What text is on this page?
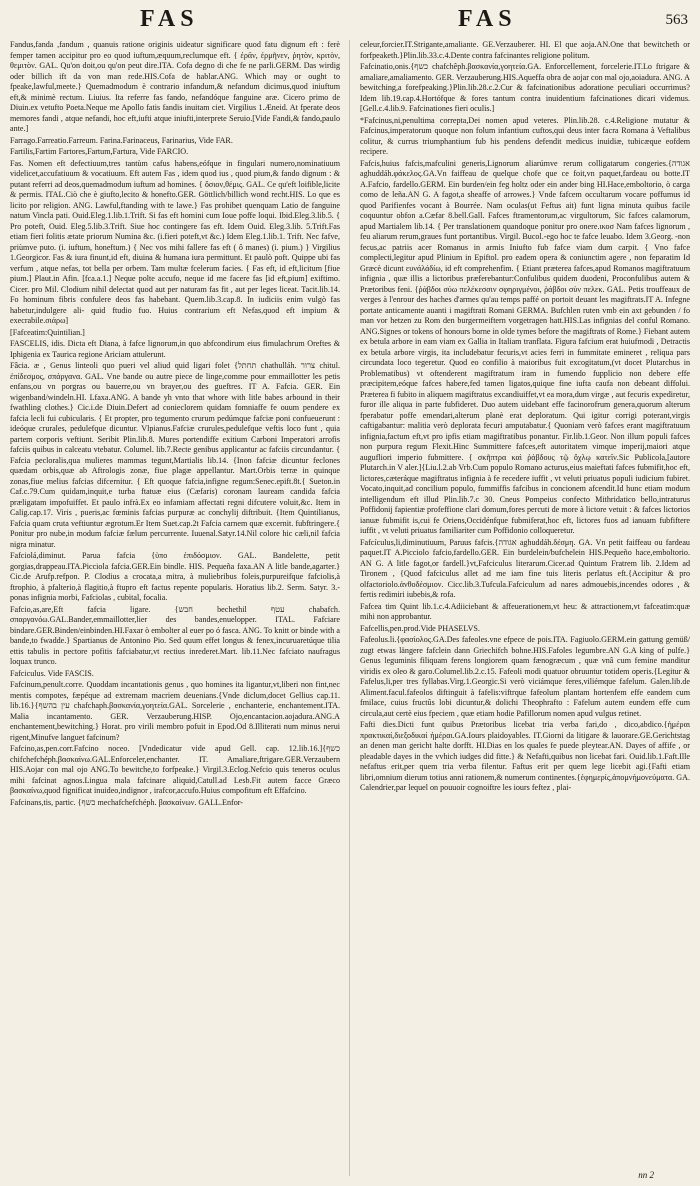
FAS	FAS	563

Fandus,fanda ,fandum , quanuis ratione originis uideatur significare quod fatu dignum eft : ferè femper tamen accipitur pro eo quod iuftum,æquum,reclumque eft. { ἐρᾶν, ἐρμῆνεν, ῥητὸν, κριτὸν, θεμιτὸν. GAL. Qu'on doit,ou qu'on peut dire.ITA. Cofa degno di che fe ne parli.GERM. Das wirdig oder billich ift da von man rede.HIS.Cofa de hablar.ANG. Which may or ought to fpeake,lawful,meete.} Quemadmodum è contrario infandum,& nefandum dicimus,quod iniuftum eft,& minimè rectum. Liuius. Ita referre fas fando, nefandóque fanguine aræ. Cicero primo de Diuin.ex vetufto Poeta.Neque me Apollo fatis fandis inuitam ciet. Virgilius 1.Æneid. At fperate deos memores fandi , atque nefandi, hoc eft,iufti atque iniufti,interprete Seruio.[Vide Fandi,& fando,paulo ante.]

Farrago.Farreatio.Farreum. Farina.Farinaceus, Farinarius, Vide FAR.

Fartilis,Fartim Fartores,Fartum,Fartura, Vide FARCIO.

Fas. Nomen eft defectiuum,tres tantùm cafus habens,eófque in fingulari numero,nominatiuum videlicet,accufatiuum & vocatiuum. Eft autem Fas , idem quod ius , quod pium,& fando dignum : & putant referri ad deos,quemadmodum iuftum ad homines. { ὅσιον,θέμις. GAL. Ce qu'eft loifible,licite & permis. ITAL.Ciò che è giufto,lecito & honefto.GER. Göttlich/billich wond recht.HIS. Lo que es licito por religion. ANG. Lawful,ftanding with te lawe.} Fas prohibet quenquam Latio de fanguine natum Vincla pati. Ouid.Eleg.1.lib.1.Trift. Si fas eft homini cum Ioue poffe loqui. Ibid.Eleg.3.lib.5. { Pro poteft, Ouid. Eleg.5.lib.3.Trift. Siue hoc contingere fas eft. Idem Ouid. Eleg.3.lib. 5.Trift.Fas etiam fieri folitis ætate priorum Numina &c. (i.fieri poteft,vt &c.) Idem Eleg.1.lib.1. Trift. Nec fafve, priùmve puto. (i. iuftum, honeftum.) { Nec vos mihi fallere fas eft ( ô manes) (i. pium.) } Virgilius 1.Georgicor. Fas & iura finunt,id eft, diuina & humana iura permittunt. Et paulò poft. Quippe ubi fas verfum , atque nefas, tot bella per orbem. Tam multæ fcelerum facies. { Fas eft, id eft,licitum [fiue pium.] Plaut.in Afin. [fca.a.1.] Neque polte accufo, neque id me facere fas [id eft,pium] exiftimo. Cicer. pro Mil. Clodium nihil delectat quod aut per naturam fas fit , aut per leges liceat. Tacit.lib.14. Fo hominum fibris confulere deos fas habebant. Quem.lib.3.cap.8. In iudiciis enim vulgò fas habetur,indulgere ali- quid ftudio fuo. Huius contrarium eft Nefas,quod eft impium & execrabile.σιάρω]

[Fafceatim:Quintilian.]

FASCELIS, idis. Dicta eft Diana, à fafce lignorum,in quo abfcondirum eius fimulachrum Oreftes & Iphigenia ex Taurica regione Ariciam attulerunt.

Fâcia. æ , Genus linteoli quo pueri vel aliud quid ligari folet {תחתל chathulláh. צרור chitul. ἐπίδεσμος, σπάργανα. GAL. Vne bande ou autre piece de linge,comme pour emmaillotter les petis enfans,ou vn porgras ou bauerre,ou vn brayer,ou des gueftres. IT A. Fafcia. GER. Ein wigenband/windeln.HI. Lfaxa.ANG. A bande yh vnto that whore with litle babes arbound in their fwathling clothes.} Cic.i.de Diuin.Defert ad conieclorem quidam fomniaffe fe ouum pendere ex fafcia lecli fui cubicularis. { Et propter, pro tegumento crurum pedúmque fafciæ poni confueuerunt : ideóque crurales, pedulefque dicuntur. Vlpianus.Fafciæ crurules,pedulefque veftis loco funt , quia partem corporis veftiunt. Seribit Plin.lib.8. Mures portendiffe exitium Carboni Imperatori arrofis fafciis quibus in calceatu vtebatur. Columel. lib.7.Recte genibus applicantur ac fafciis circundantur. { Fafcia pecloralis,qua mulieres mammas tegunt,Martialis lib.14. {Inon fafciæ dicuntur feclones quædam orbis,quæ ab Aftrologis zonæ, fiue plagæ appellantur. Mart.Orbis terræ in quinque zonas,fiue melius fafcias difcernitur. { Eft quoque fafcia,infigne regum:Senec.epift.8t.{ Sueton.in Caf.c.79.Cum quidam,inquit,e turba ftatuæ eius (Cæfaris) coronam lauream candida fafcia præligatam impofuiffet. Et paulo infrà.Ex eo infamiam affectati regni difcutere voluit,&c. Item in Calig.cap.17. Viris , pueris,ac fœminis fafcias purpuræ ac conchylij diftribuit. {Item Quintilianus, Fafcia quam cruta veftiuntur ægrotum.Er Item Suet.cap.2t Fafcia carnem quæ excernit. fubftringere.{ Ponitur pro nube,in modum fafciæ fælum percurrente. Iuuenal.Satyr.14.Nil colore hic cæli,nil fafcia nigra minatur.

Fafciolá,diminut. Parua fafcia {ὑπο ἐπιδόσμιον. GAL. Bandelette, petit gorgias,drappeau.ITA.Picciola fafcia.GER.Ein bindle. HIS. Pequeña faxa.AN A litle bande,agarter.} Cic.de Arufp.refpon. P. Clodius a crocata,a mitra, à muliebribus foleis,purpureifque fafciolis,à ftrophio, à pfalterio,à flagitio,à ftupro eft factus repente popularis. Horatius lib.2. Serm. Satyr. 3.-ponas infignia morbi, Fafciolas , cubital, focalia.

Fafcio,as,are,Eft fafcia ligare. {חבש bechethil עטף chabafch. σπαργανόω.GAL.Bander,emmaillotter,lier des bandes,enuelopper. ITAL. Fafciare bindare.GER.Binden/einbinden.HI.Faxar ò embolter al euer po ó fasca. ANG. To knitt or binde with a bande,to fwadde.} Spartianus de Antonino Pio. Sed quum effet longus & fenex,incuruaretúque tilia ettis tabulis in pectore pofitis fafciabatur,vt rectius inrederet.Mart. lib.11.Nec fafciato naufragus loquax trunco.

Fafciculus. Vide FASCIS.

Fafcinum,penult.corre. Quoddam incantationis genus , quo homines ita ligantur,vt,liberi non fint,nec mentis compotes, fæpéque ad extremam macriem deuenians.{Vnde diclum,docet Gellius cap.11. lib.16.}{עין בהשף chafchaph.βασκανία,γοητεία.GAL. Sorcelerie , enchanterie, enchantement.ITA. Malia incantamento. GER. Verzauberung.HISP. Ojo,encantacion.aojadura.ANG.A enchantement,bewitching.} Horat. pro virili membro pofuit in Epod.Od 8.Illiterati num minus nerui rigent,Minufve languet fafcinum?

Fafcino,as,pen.corr.Fafcino noceo. [Vndedicatur vide apud Gell. cap. 12.lib.16.]{כשף chifchefchéph.βασκαίνω.GAL.Enforceler,enchanter. IT. Amaliare,ftrigare.GER.Verzaubern HIS.Aojar con mal ojo ANG.To bewitche,to forfpeake.} Virgil.3.Eclog.Nefcio quis teneros oculus mihi fafcinat agnos.Lingua mala fafcinare aliquid,Catull.ad Lesb.Fit autem facce Græco βασκαίνω,quod fignificat inuideo,indignor , irafcor,accufo.Huius compofitum eft Effafcino.

Fafcinans,tis, partic. {כשף mechafchefchéph. βασκαίνων. GALL.Enfor-

celeur,forcier.IT.Strigante,amaliante. GE.Verzauberer. HI. El que aoja.AN.One that bewitcheth or forfpeaketh.}Plin.lib.33.c.4.Dente contra fafcinantes religione politum.

Fafcinatio,onis.{כשף chafchêph.βασκανία,γοητεία.GA. Enforcellement, forcelerie.IT.Lo ftrigare & amaliare,amaliamento. GER. Verzauberung.HIS.Aqueffa obra de aojar con mal ojo,aoiadura. ANG. A bewitching,a forefpeaking.}Plin.lib.28.c.2.Cur & fafcinationibus adoratione peculiari occurrimus?Idem lib.19.cap.4.Hortófque & fores tantum contra inuidentium fafcinationes dicari videmus.[Gell.c.4.lib.9. Fafcinationes fieri oculis.]

*Fafcinus,ni,penultima correpta,Dei nomen apud veteres. Plin.lib.28. c.4.Religione mutatur & Fafcinus,imperatorum quoque non folum infantium cuftos,qui deus inter facra Romana à Veftalibus colitur, & currus triumphantium fub his pendens defendit medicus inuidiæ, tubicæque eofdem recipere.

Fafcis,huius fafcis,mafculini generis,Lignorum aliarúmve rerum colligatarum congeries.{אגודה aghuddáh.φάκελος.GA.Vn faiffeau de quelque chofe que ce foit,vn paquet,fardeau ou botte.IT A.Fafcio, fardello.GERM. Ein burden/ein feg holtz oder ein ander bing HI.Hace,emboltorio, ò carga como de leña.AN G. A fagot,a sheaffe of arrowes.} Vnde fafcem occultarum vocare poffumus id quod Parifienfes vocant à Bourrée. Nam oculas(ut Feftus ait) funt ligna minuta quibus facile coquuntur obfon a.Cæfar 8.bell.Gall. Fafces ftramentorum,ac virgultorum, Sic fafces calamorum, apud Martialem lib.14. { Per translationem quandoque ponitur pro onere.ικοσ Nam fafces lignorum , feu aliarum rerum,graues funt portantibus. Virgil. Bucol.-ego hoc te fafce leuabo. Idem 3.Georg. -non fecus,ac patriis acer Romanus in armis Iniufto fub fafce viam dum carpit. { Vno fafce complecti,legitur apud Plinium in Epiftol. pro eadem opera & coniunctim agere , non feparatim Id Græcè dicunt ευνάλάδίω, id eft comprehenfim. { Etiant præterea fafces,apud Romanos magiftratuum infignia , quæ illis a lictoribus præferebantur:Confulibus quidem duodeni, Proconfulibus autem & Prætoribus feni. {ῥάβδοι σύω πελέκεσσιν σφηριγμένοι, ῥάβδοι σὺν πελεκ. GAL. Petis trouffeaux de verges à l'enrour des haches d'armes qu'au temps paffé on portoit deuant les magiftrats.IT A. Infegne portate anticamente auanti i magiftrati Romani GERMA. Bufchlen ruten vmb ein axt gebunden / fo man vor hetzen zu Rom den burgermeiftern vorgetragen hatt.HIS.Las infignias del conful Romano. ANG.Signes or tokens of honours borne in olde tymes before the magiftrats of Rome.} Fiebant autem ex betula arbore in eam viam ex Gallia in Italiam tranflata. Figura fafcium erat huiufmodi , Detractis ex betula arbore virgis, ita includebatur fecuris,vt acies ferri in fummitate emineret , reliqua pars circundata loco tegeretur. Quod eo confilio à maioribus fuit excogitatum,(vt docet Plutarchus in Problematibus) vt oftenderent magiftratum iram in fumendo fupplicio non debere effe præcipitem,eóque fafces habere,fed tamen ligatos,quique fine iufta caufa non debeant diffolui. Præterea fi fubito in aliquem magiftratus excandiuiffet,vt ea mora,dum virgæ , aut fecuris expediretur, furor ille aliqua in parte fubfideret. Duo autem uidebant effe facinorofrum genera,quorum alterum fperabatur poffe emendari,alterum planè erat deploratum. Qui igitur corrigi poterant,virgis caftigabantur: malitia verò deplorata fecuri amputabatur.{ Quoniam verò fafces erant magiftratuum infignia,factum eft,vt pro ipfis etiam magiftratibus ponantur. Fir.lib.1.Geor. Non illum populi fafces non purpura regum Flexit.Hinc Summittere fafces,eft autoritatem vimque imperij,maiori atque augufliori imperio fubmittere. { σκῆπτρα καὶ ῥάβδους τῷ ὄχλῳ κατεῖν.Sic Publicola,[autore Plutarch.in V aler.]{Liu.l.2.ab Vrb.Cum populo Romano acturus,eius maieftati fafces fubmifit,hoc eft, lictores,cæteráque magiftratus infignia à fe recedere iuffit , vt veluti priuatus populi iudicium fubiret. Vocato,inquit,ad concilium populo, fummiffis fafcibus in concionem afcendit.Id hunc etiam modum intelligendum eft illud Plin.lib.7.c 30. Cneus Pompeius confecto Mithridatico bello,intraturus Poffidonij fapientiæ profeffione clari domum,fores percuti de more à lictore vetuit : & fafces lictorios ianuæ fubmifit is,cui fe Oriens,Occidénfque fubmiferat,hoc eft, lictores fuos ad ianuam fubfiftere iuffit , vt veluti priuatus familiariter cum Poffidonio colloqueretur.

Fafcículus,li,diminutiuum, Paruus fafcis.{אגודה aghuddáh.δέσμη. GA. Vn petit faiffeau ou fardeau paquet.IT A.Picciolo fafcio,fardello.GER. Ein burdelein/bufchelein HIS.Pequeño hace,emboltorio. AN G. A litle fagot,or fardell.}vt,Fafciculus literarum.Cicer.ad Quintum Fratrem lib. 2.Idem ad Tironem , {Quod fafciculus allet ad me iam fine tuis literis perlatus eft.{Accipitur & pro olfactoriolo.ἀνθοδέσμιον. Cicc.lib.3.Tufcula.Fafciculum ad nares admouebis,incendes odores , & fertis redimiri iubebis,& rofa.

Fafcea tim Quint lib.1.c.4.Adiiciebant & affeuerationem,vt heu: & attractionem,vt fafceatim:quæ mihi non approbantur.

Fafcellis,pen.prod.Vide PHASELVS.

Fafeolus.li.{φασίολος.GA.Des fafeoles.vne efpece de pois.ITA. Fagiuolo.GERM.ein gattung gemüß/ zugt etwas längere fafclein dann Griechifch bohne.HIS.Fafoles legumbre.AN G.A king of pulfe.} Genus leguminis filiquam ferens longiorem quam fænogræcum , quæ vnâ cum femine manditur viridis ex oleo & garo.Columel.lib.2.c.15. Fafeoli modi quatuor obruuntur totidem operis.{Legitur & Fafelus,li,per tres fyllabas.Virg.1.Georgic.Si verò viciámque feres,viliémque fafelum. Galen.lib.de Aliment.facul.fafeolos diftinguit à fafelis:viftrque fafeolum plantam hortenfem effe eandem cum fmilace, cuius fructûs lobi dicuntur,& dolichi Theophrafto : Fafelum autem eundem effe cum circula,aut certè eius fpeciem , quæ etiam hodie Pafillorum nomen apud vulgus retinet.

Fafti dies.Dicti funt quibus Prætoribus licebat tria verba fari,do , dico,abdico.{ἡμέραι πρακτικαί,διεξοδικαί ἡμέραι.GA.Iours plaidoyables. IT.Giorni da litigare & lauorare.GE.Gerichtstag an denen man gericht halte dorfft. HI.Dias en los quales fe puede pleytear.AN. Dayes of affife , or pleadable dayes in the vvhich iudges did fitte.} & Nefafti,quibus non licebat fari. Ouid.lib.1.Faft.Ille nefaftus erit,per quem tria verba filentur. Faftus erit per quem lege licebit agi.{Fafti etiam libri,omnium dierum totius anni rationem,& numerum continentes.{ἐφημερίς,ἀπομνήμονεύματα. GA. Calendrier,par lequel on pouuoir cognoiftre les iours feftez , plai-

nn 2
